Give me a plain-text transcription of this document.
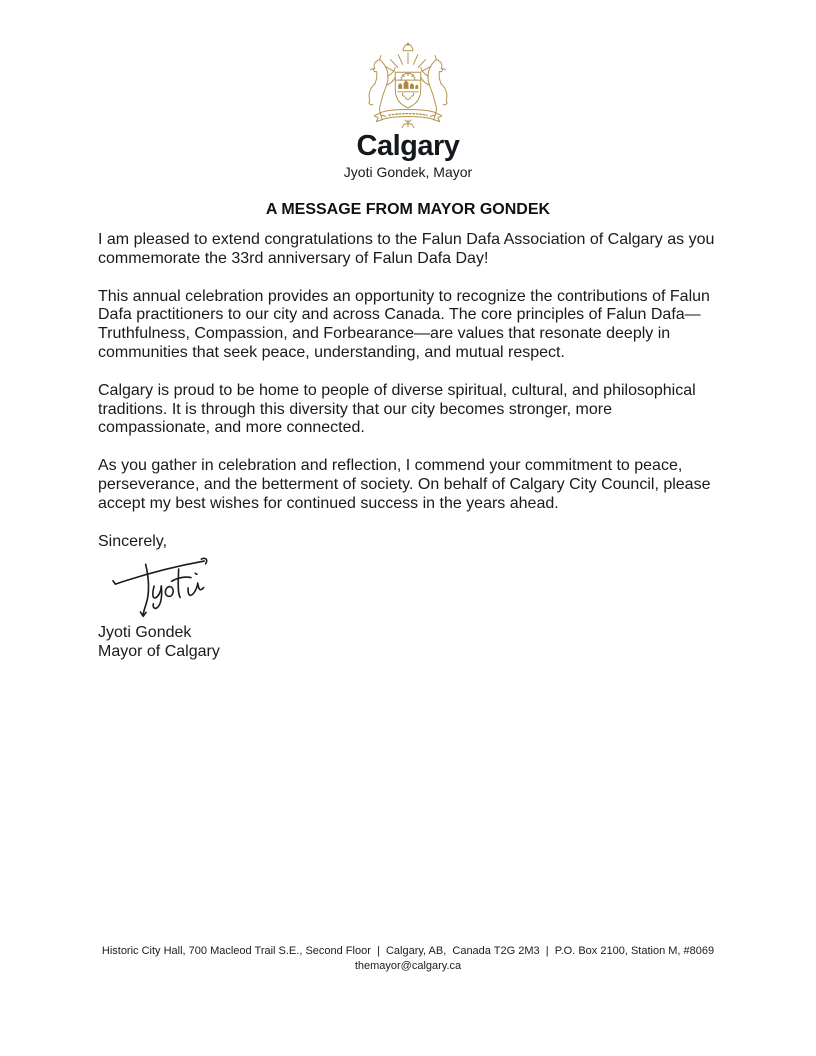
Calgary
Jyoti Gondek, Mayor
A MESSAGE FROM MAYOR GONDEK

I am pleased to extend congratulations to the Falun Dafa Association of Calgary as you commemorate the 33rd anniversary of Falun Dafa Day!

This annual celebration provides an opportunity to recognize the contributions of Falun Dafa practitioners to our city and across Canada. The core principles of Falun Dafa—Truthfulness, Compassion, and Forbearance—are values that resonate deeply in communities that seek peace, understanding, and mutual respect.

Calgary is proud to be home to people of diverse spiritual, cultural, and philosophical traditions. It is through this diversity that our city becomes stronger, more compassionate, and more connected.

As you gather in celebration and reflection, I commend your commitment to peace, perseverance, and the betterment of society. On behalf of Calgary City Council, please accept my best wishes for continued success in the years ahead.

Sincerely,

Jyoti Gondek
Mayor of Calgary
Historic City Hall, 700 Macleod Trail S.E., Second Floor  |  Calgary, AB,  Canada T2G 2M3  |  P.O. Box 2100, Station M, #8069
themayor@calgary.ca
